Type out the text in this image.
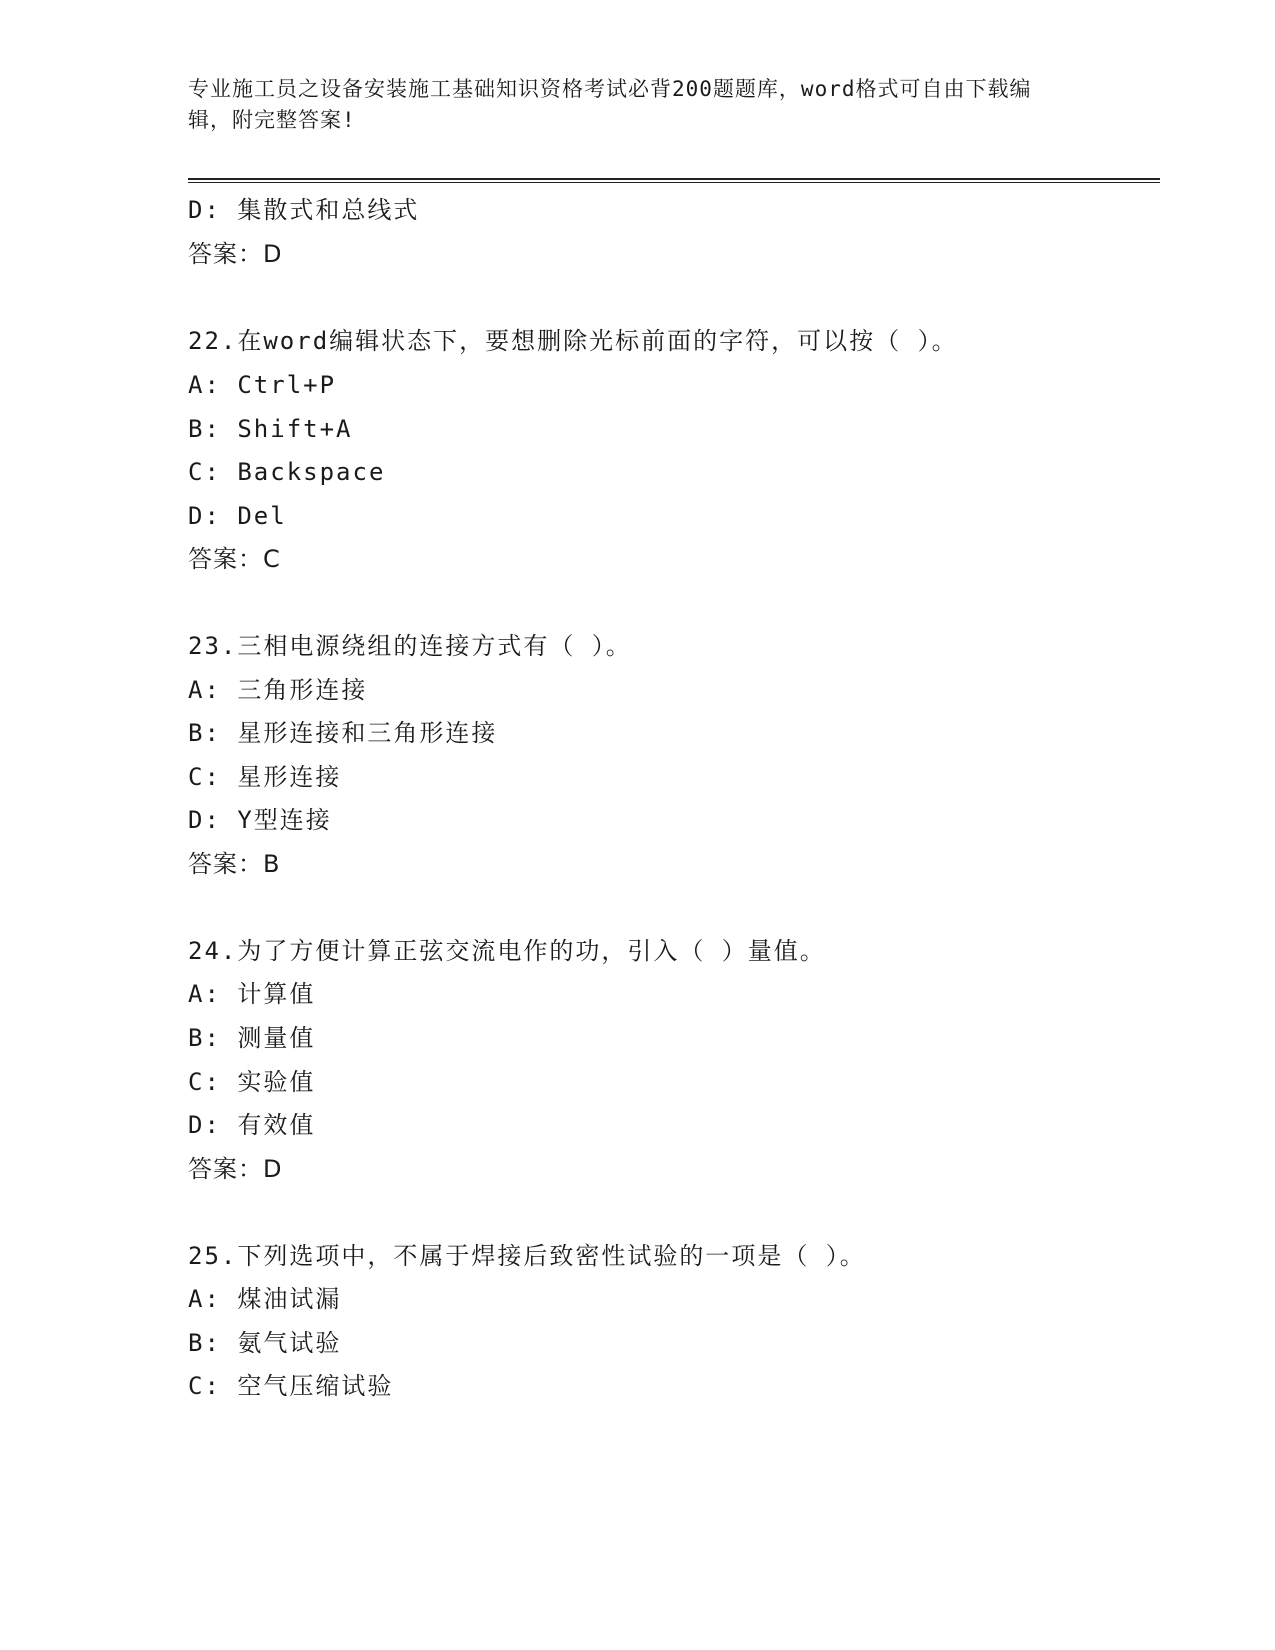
专业施工员之设备安装施工基础知识资格考试必背200题题库，word格式可自由下载编辑，附完整答案!
D: 集散式和总线式
答案：D
22.在word编辑状态下，要想删除光标前面的字符，可以按（ ）。
A: Ctrl+P
B: Shift+A
C: Backspace
D: Del
答案：C
23.三相电源绕组的连接方式有（ ）。
A: 三角形连接
B: 星形连接和三角形连接
C: 星形连接
D: Y型连接
答案：B
24.为了方便计算正弦交流电作的功，引入（ ）量值。
A: 计算值
B: 测量值
C: 实验值
D: 有效值
答案：D
25.下列选项中，不属于焊接后致密性试验的一项是（ ）。
A: 煤油试漏
B: 氨气试验
C: 空气压缩试验
